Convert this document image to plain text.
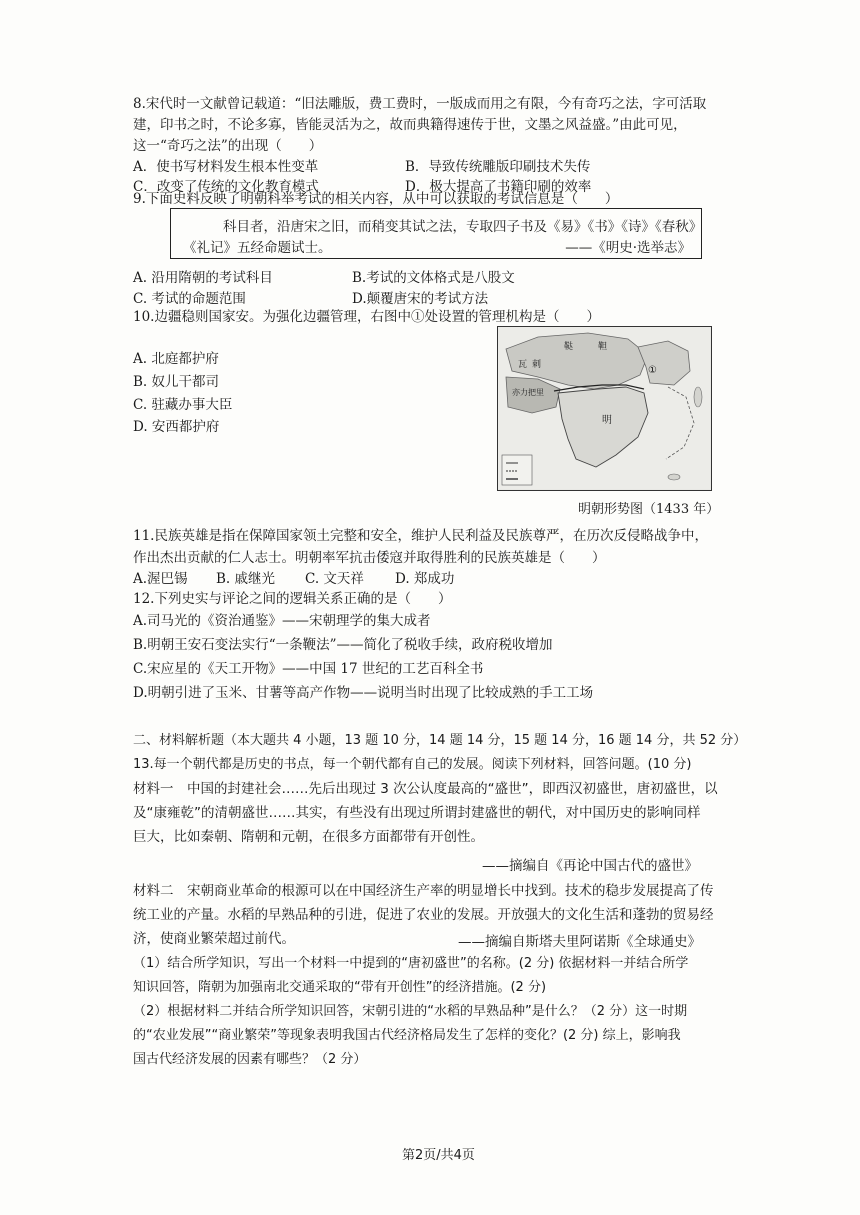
8.宋代时一文献曾记载道：“旧法雕版，费工费时，一版成而用之有限，今有奇巧之法，字可活取
建，印书之时，不论多寡，皆能灵活为之，故而典籍得速传于世，文墨之风益盛。”由此可见，
这一“奇巧之法”的出现（　　）
A．使书写材料发生根本性变革	B．导致传统雕版印刷技术失传
C．改变了传统的文化教育模式	D．极大提高了书籍印刷的效率
9.下面史料反映了明朝科举考试的相关内容，从中可以获取的考试信息是（　　）
科目者，沿唐宋之旧，而稍变其试之法，专取四子书及《易》《书》《诗》《春秋》
《礼记》五经命题试士。	——《明史·选举志》
A. 沿用隋朝的考试科目	B.考试的文体格式是八股文
C. 考试的命题范围	D.颠覆唐宋的考试方法
10.边疆稳则国家安。为强化边疆管理，右图中①处设置的管理机构是（　　）
A. 北庭都护府
B. 奴儿干都司
C. 驻藏办事大臣
D. 安西都护府
鞑	靼
瓦 刺
亦力把里
明
①
明朝形势图（1433 年）
11.民族英雄是指在保障国家领土完整和安全，维护人民利益及民族尊严，在历次反侵略战争中，
作出杰出贡献的仁人志士。明朝率军抗击倭寇并取得胜利的民族英雄是（　　）
A.渥巴锡 B. 戚继光 C. 文天祥 D. 郑成功
12.下列史实与评论之间的逻辑关系正确的是（　　）
A.司马光的《资治通鉴》——宋朝理学的集大成者
B.明朝王安石变法实行“一条鞭法”——简化了税收手续，政府税收增加
C.宋应星的《天工开物》——中国 17 世纪的工艺百科全书
D.明朝引进了玉米、甘薯等高产作物——说明当时出现了比较成熟的手工工场
二、材料解析题（本大题共 4 小题，13 题 10 分，14 题 14 分，15 题 14 分，16 题 14 分，共 52 分）
13.每一个朝代都是历史的书点，每一个朝代都有自己的发展。阅读下列材料，回答问题。(10 分)
材料一　中国的封建社会……先后出现过 3 次公认度最高的“盛世”，即西汉初盛世，唐初盛世，以
及“康雍乾”的清朝盛世……其实，有些没有出现过所谓封建盛世的朝代，对中国历史的影响同样
巨大，比如秦朝、隋朝和元朝，在很多方面都带有开创性。
——摘编自《再论中国古代的盛世》
材料二　宋朝商业革命的根源可以在中国经济生产率的明显增长中找到。技术的稳步发展提高了传
统工业的产量。水稻的早熟品种的引进，促进了农业的发展。开放强大的文化生活和蓬勃的贸易经
济，使商业繁荣超过前代。	——摘编自斯塔夫里阿诺斯《全球通史》
（1）结合所学知识，写出一个材料一中提到的“唐初盛世”的名称。(2 分) 依据材料一并结合所学
知识回答，隋朝为加强南北交通采取的“带有开创性”的经济措施。(2 分)
（2）根据材料二并结合所学知识回答，宋朝引进的“水稻的早熟品种”是什么？（2 分）这一时期
的“农业发展”“商业繁荣”等现象表明我国古代经济格局发生了怎样的变化？(2 分) 综上，影响我
国古代经济发展的因素有哪些？（2 分）
第2页/共4页
